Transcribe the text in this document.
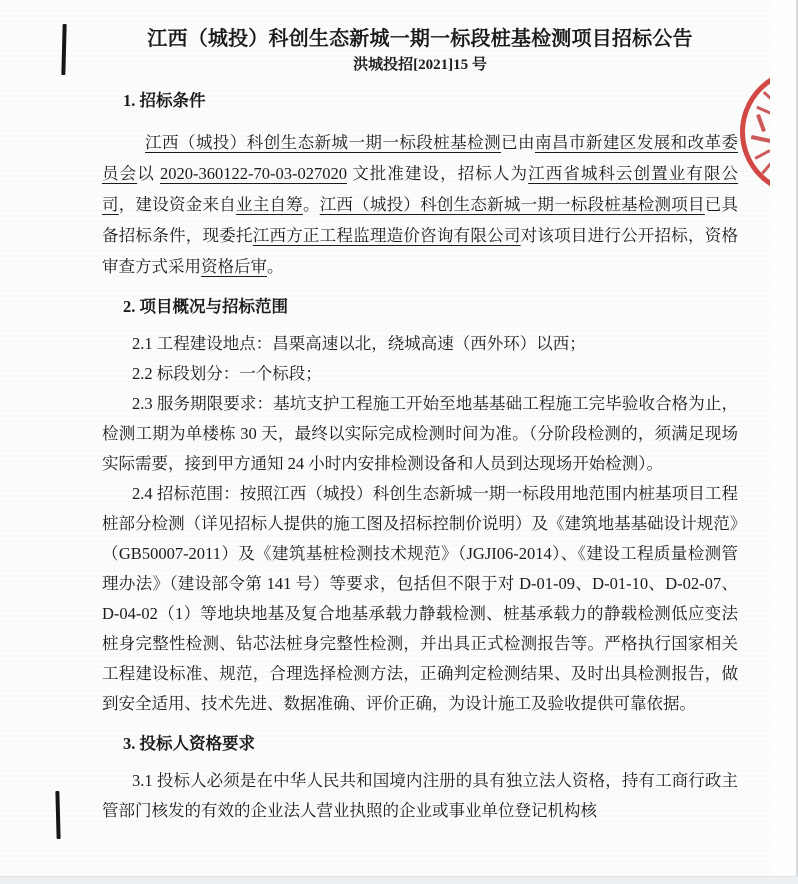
江西（城投）科创生态新城一期一标段桩基检测项目招标公告
洪城投招[2021]15 号
1. 招标条件

江西（城投）科创生态新城一期一标段桩基检测已由南昌市新建区发展和改革委员会以 2020-360122-70-03-027020 文批准建设，招标人为江西省城科云创置业有限公司，建设资金来自业主自筹。江西（城投）科创生态新城一期一标段桩基检测项目已具备招标条件，现委托江西方正工程监理造价咨询有限公司对该项目进行公开招标，资格审查方式采用资格后审。

2. 项目概况与招标范围

2.1 工程建设地点：昌栗高速以北，绕城高速（西外环）以西；

2.2 标段划分：一个标段；

2.3 服务期限要求：基坑支护工程施工开始至地基基础工程施工完毕验收合格为止，检测工期为单楼栋 30 天，最终以实际完成检测时间为准。（分阶段检测的，须满足现场实际需要，接到甲方通知 24 小时内安排检测设备和人员到达现场开始检测）。

2.4 招标范围：按照江西（城投）科创生态新城一期一标段用地范围内桩基项目工程桩部分检测（详见招标人提供的施工图及招标控制价说明）及《建筑地基基础设计规范》（GB50007-2011）及《建筑基桩检测技术规范》（JGJI06-2014）、《建设工程质量检测管理办法》（建设部令第 141 号）等要求，包括但不限于对 D-01-09、D-01-10、D-02-07、D-04-02（1）等地块地基及复合地基承载力静载检测、桩基承载力的静载检测低应变法桩身完整性检测、钻芯法桩身完整性检测，并出具正式检测报告等。严格执行国家相关工程建设标准、规范，合理选择检测方法，正确判定检测结果、及时出具检测报告，做到安全适用、技术先进、数据准确、评价正确，为设计施工及验收提供可靠依据。

3. 投标人资格要求

3.1 投标人必须是在中华人民共和国境内注册的具有独立法人资格，持有工商行政主管部门核发的有效的企业法人营业执照的企业或事业单位登记机构核
